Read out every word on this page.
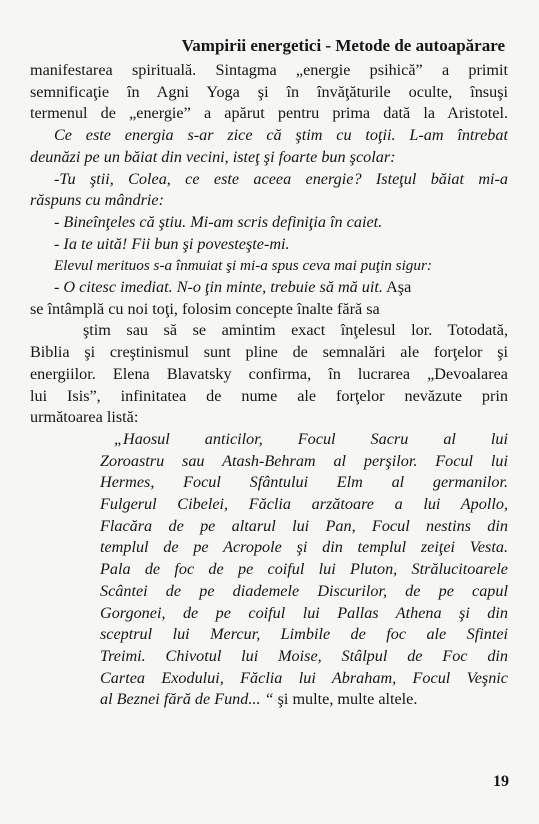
Vampirii energetici - Metode de autoapărare
manifestarea spirituală. Sintagma „energie psihică” a primit
semnificaţie în Agni Yoga şi în învăţăturile oculte, însuşi
termenul de „energie” a apărut pentru prima dată la Aristotel.
Ce este energia s-ar zice că ştim cu toţii. L-am întrebat
deunăzi pe un băiat din vecini, isteţ şi foarte bun şcolar:
-Tu ştii, Colea, ce este aceea energie? Isteţul băiat mi-a
răspuns cu mândrie:
- Bineînţeles că ştiu. Mi-am scris definiţia în caiet.
- Ia te uită! Fii bun şi povesteşte-mi.
Elevul merituos s-a înmuiat şi mi-a spus ceva mai puţin sigur:
- O citesc imediat. N-o ţin minte, trebuie să mă uit. Aşa
se întâmplă cu noi toţi, folosim concepte înalte fără sa
ştim sau să se amintim exact înţelesul lor. Totodată,
Biblia şi creştinismul sunt pline de semnalări ale forţelor şi
energiilor. Elena Blavatsky confirma, în lucrarea „Devoalarea
lui Isis”, infinitatea de nume ale forţelor nevăzute prin
următoarea listă:
„Haosul anticilor, Focul Sacru al lui
Zoroastru sau Atash-Behram al perşilor. Focul lui
Hermes, Focul Sfântului Elm al germanilor.
Fulgerul Cibelei, Făclia arzătoare a lui Apollo,
Flacăra de pe altarul lui Pan, Focul nestins din
templul de pe Acropole şi din templul zeiţei Vesta.
Pala de foc de pe coiful lui Pluton, Strălucitoarele
Scântei de pe diademele Discurilor, de pe capul
Gorgonei, de pe coiful lui Pallas Athena şi din
sceptrul lui Mercur, Limbile de foc ale Sfintei
Treimi. Chivotul lui Moise, Stâlpul de Foc din
Cartea Exodului, Făclia lui Abraham, Focul Veşnic
al Beznei fără de Fund... “ şi multe, multe altele.
19
